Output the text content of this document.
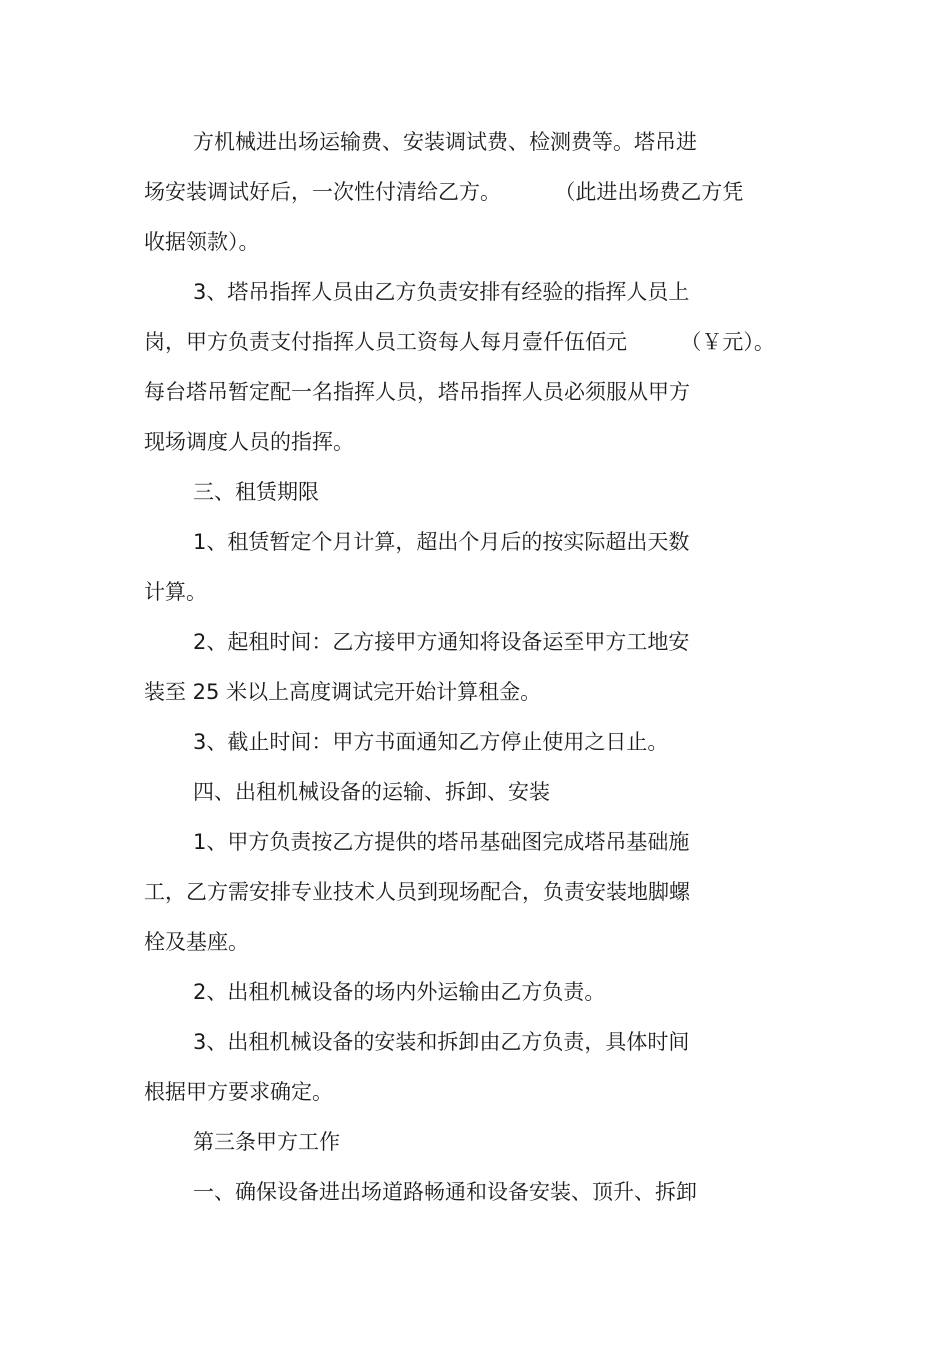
方机械进出场运输费、安装调试费、检测费等。塔吊进

场安装调试好后，一次性付清给乙方。        （此进出场费乙方凭

收据领款）。

3、塔吊指挥人员由乙方负责安排有经验的指挥人员上

岗，甲方负责支付指挥人员工资每人每月壹仟伍佰元        （￥元）。

每台塔吊暂定配一名指挥人员，塔吊指挥人员必须服从甲方

现场调度人员的指挥。

三、租赁期限

1、租赁暂定个月计算，超出个月后的按实际超出天数

计算。

2、起租时间：乙方接甲方通知将设备运至甲方工地安

装至 25 米以上高度调试完开始计算租金。

3、截止时间：甲方书面通知乙方停止使用之日止。

四、出租机械设备的运输、拆卸、安装

1、甲方负责按乙方提供的塔吊基础图完成塔吊基础施

工，乙方需安排专业技术人员到现场配合，负责安装地脚螺

栓及基座。

2、出租机械设备的场内外运输由乙方负责。

3、出租机械设备的安装和拆卸由乙方负责，具体时间

根据甲方要求确定。

第三条甲方工作

一、确保设备进出场道路畅通和设备安装、顶升、拆卸
